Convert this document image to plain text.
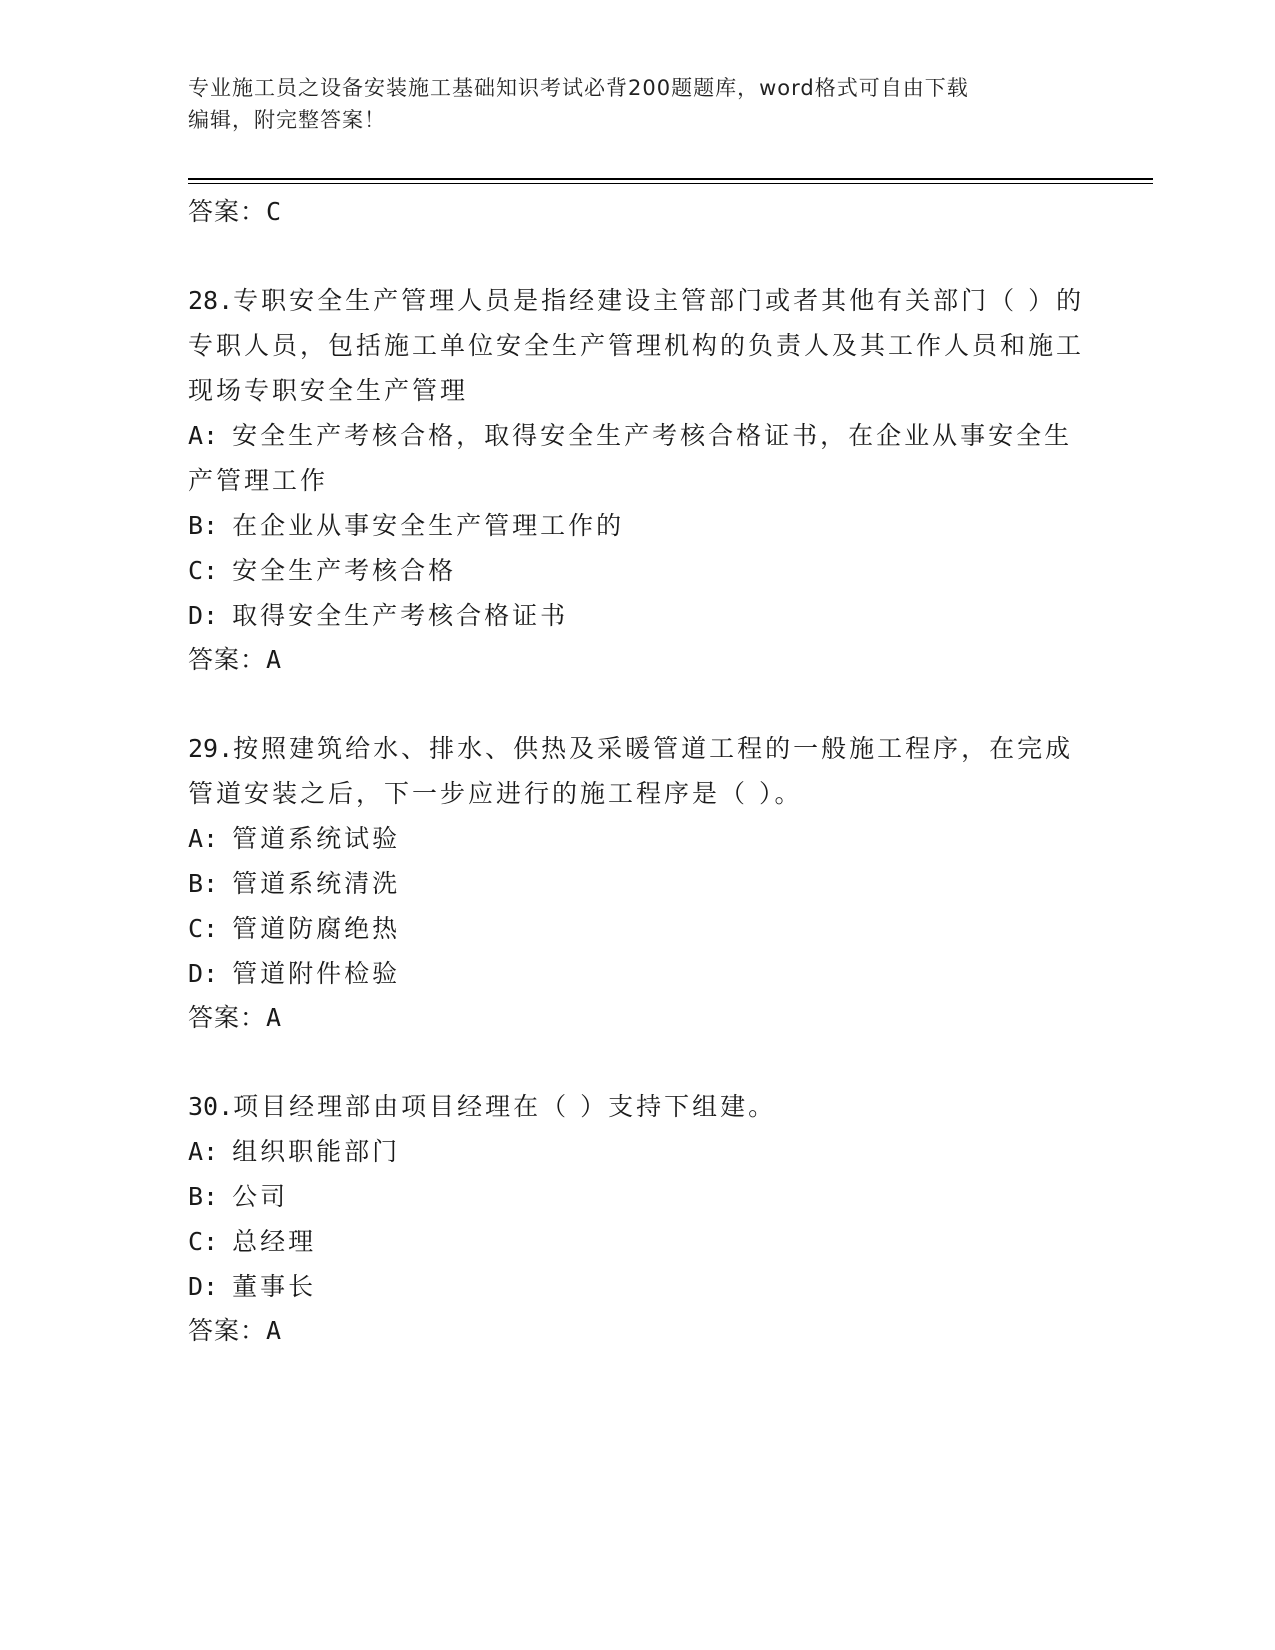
专业施工员之设备安装施工基础知识考试必背200题题库，word格式可自由下载
编辑，附完整答案！
答案：C
28.专职安全生产管理人员是指经建设主管部门或者其他有关部门（ ）的专职人员，包括施工单位安全生产管理机构的负责人及其工作人员和施工现场专职安全生产管理
A: 安全生产考核合格，取得安全生产考核合格证书，在企业从事安全生产管理工作
B: 在企业从事安全生产管理工作的
C: 安全生产考核合格
D: 取得安全生产考核合格证书
答案：A
29.按照建筑给水、排水、供热及采暖管道工程的一般施工程序，在完成管道安装之后，下一步应进行的施工程序是（ ）。
A: 管道系统试验
B: 管道系统清洗
C: 管道防腐绝热
D: 管道附件检验
答案：A
30.项目经理部由项目经理在（ ）支持下组建。
A: 组织职能部门
B: 公司
C: 总经理
D: 董事长
答案：A
